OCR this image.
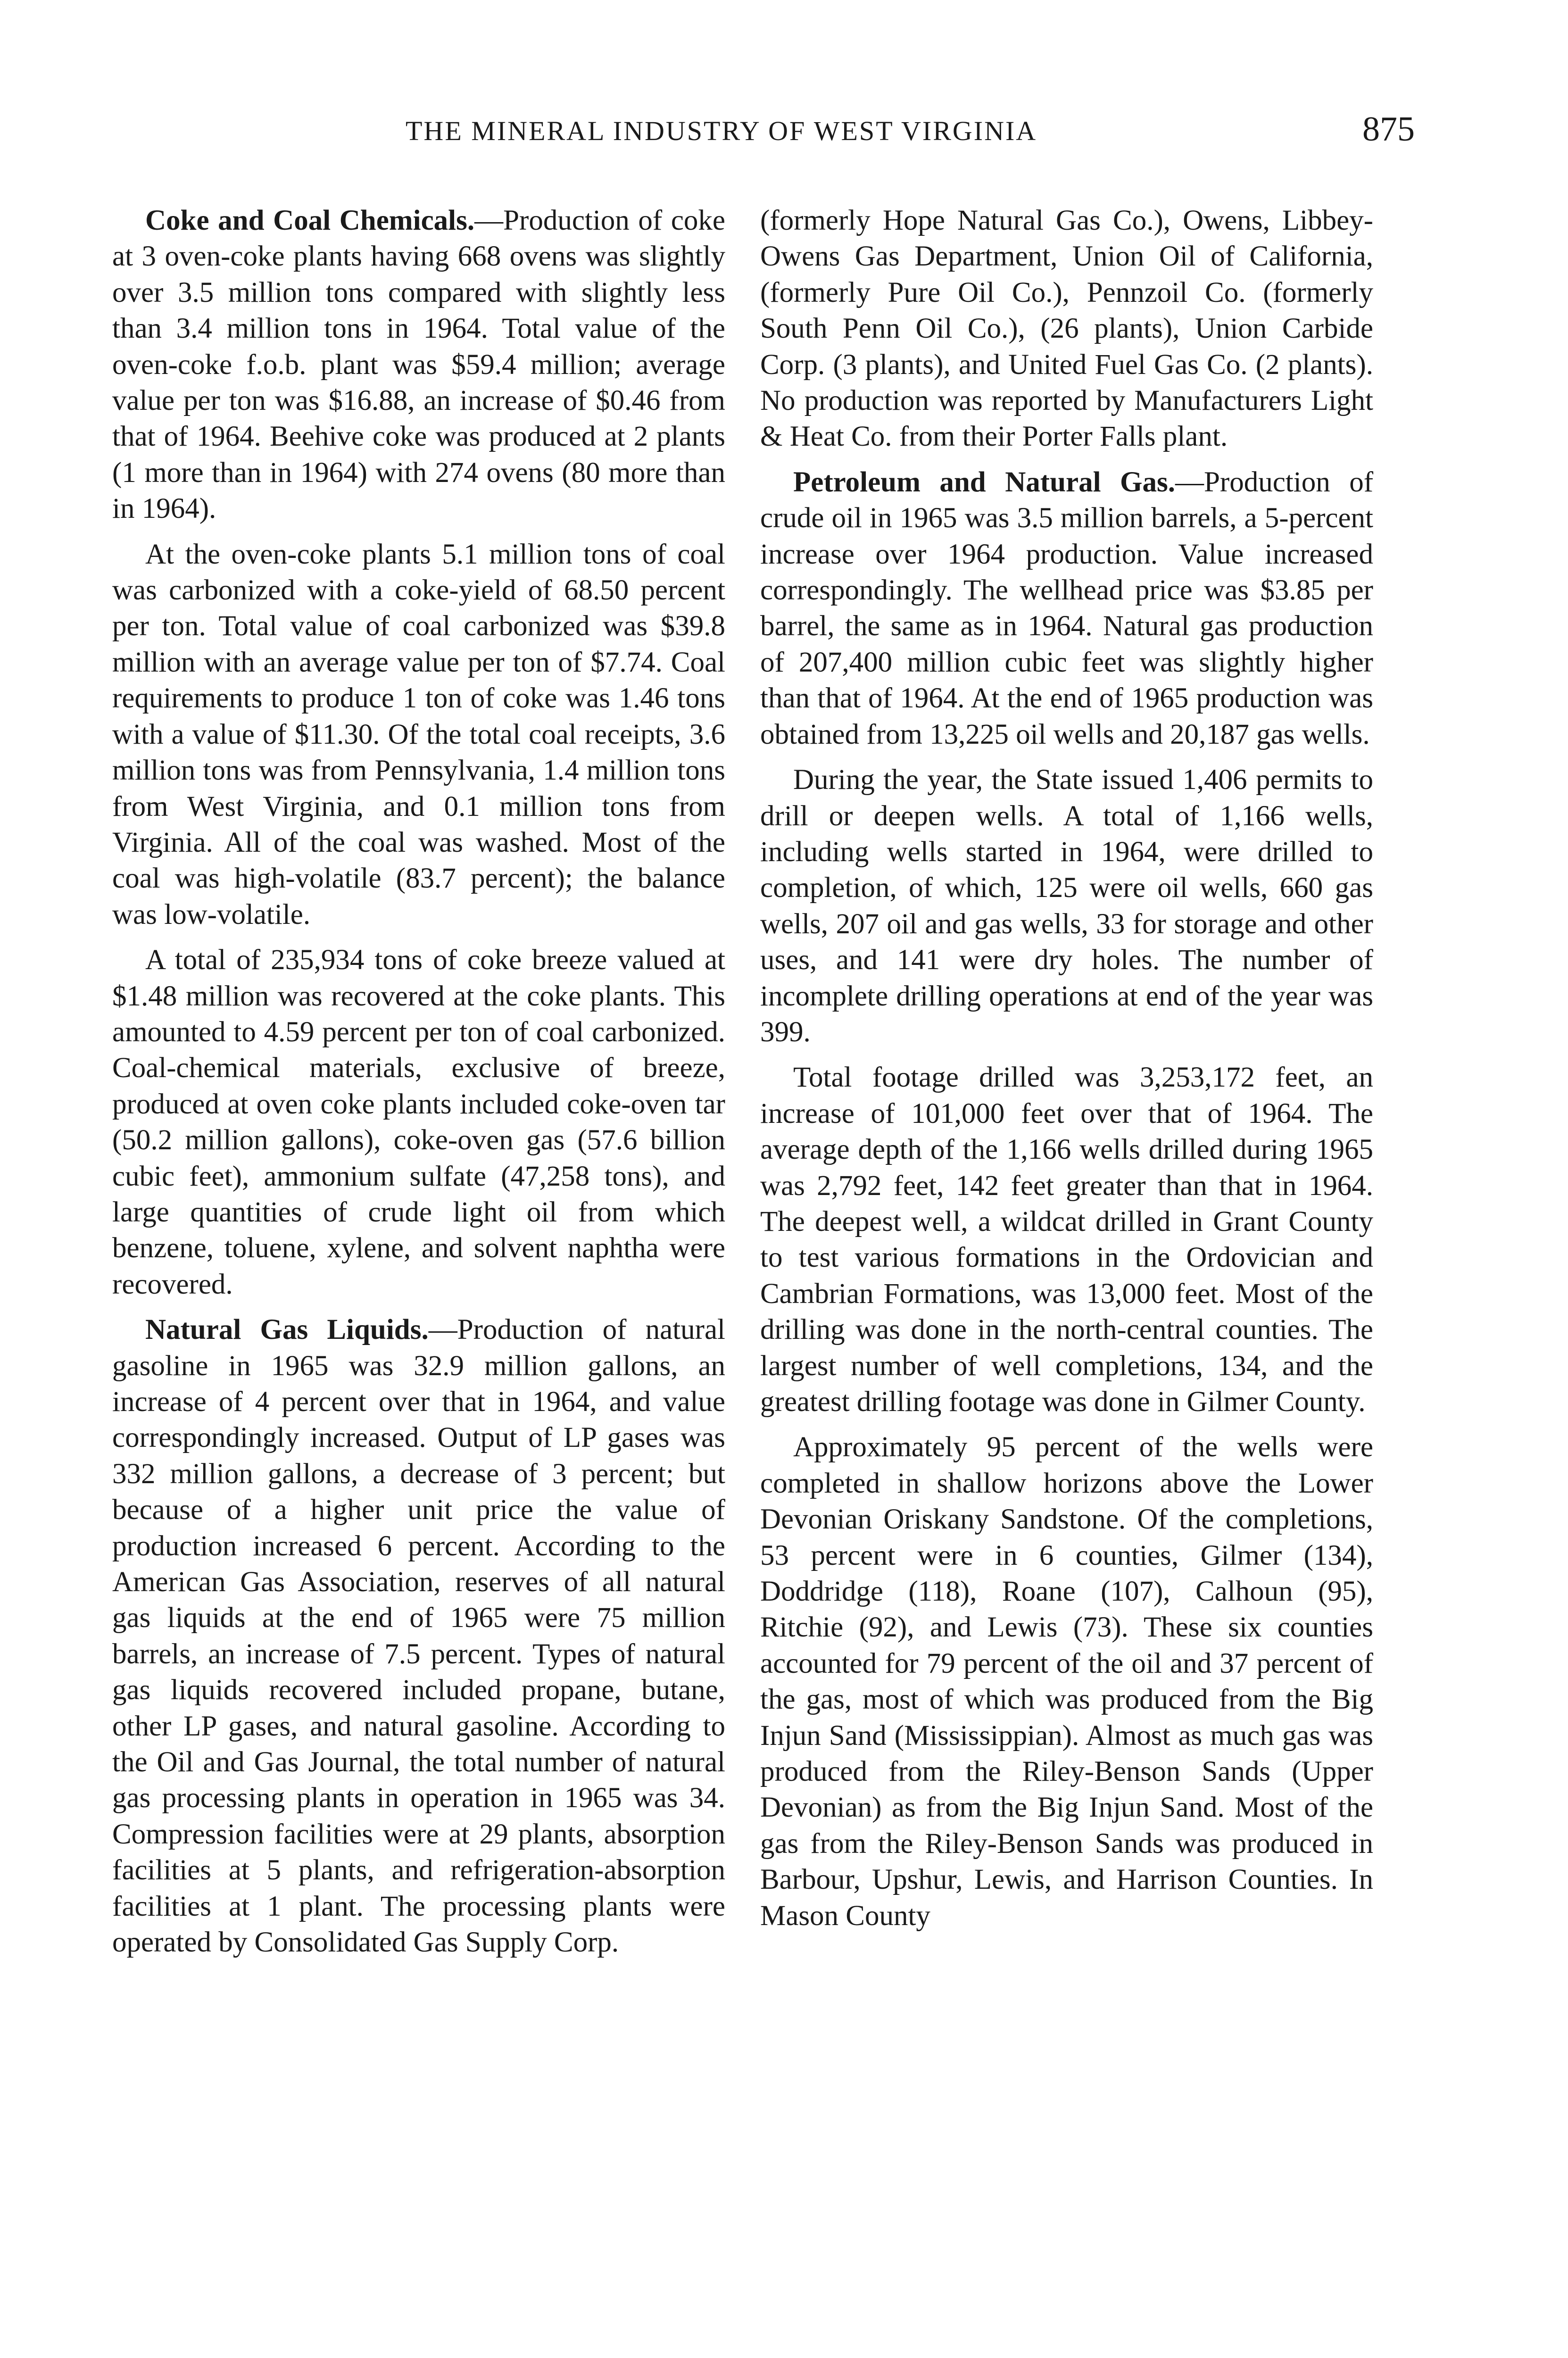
THE MINERAL INDUSTRY OF WEST VIRGINIA	875

Coke and Coal Chemicals.—Production of coke at 3 oven-coke plants having 668 ovens was slightly over 3.5 million tons compared with slightly less than 3.4 million tons in 1964. Total value of the oven-coke f.o.b. plant was $59.4 million; average value per ton was $16.88, an increase of $0.46 from that of 1964. Beehive coke was produced at 2 plants (1 more than in 1964) with 274 ovens (80 more than in 1964).

At the oven-coke plants 5.1 million tons of coal was carbonized with a coke-yield of 68.50 percent per ton. Total value of coal carbonized was $39.8 million with an average value per ton of $7.74. Coal requirements to produce 1 ton of coke was 1.46 tons with a value of $11.30. Of the total coal receipts, 3.6 million tons was from Pennsylvania, 1.4 million tons from West Virginia, and 0.1 million tons from Virginia. All of the coal was washed. Most of the coal was high-volatile (83.7 percent); the balance was low-volatile.

A total of 235,934 tons of coke breeze valued at $1.48 million was recovered at the coke plants. This amounted to 4.59 percent per ton of coal carbonized. Coal-chemical materials, exclusive of breeze, produced at oven coke plants included coke-oven tar (50.2 million gallons), coke-oven gas (57.6 billion cubic feet), ammonium sulfate (47,258 tons), and large quantities of crude light oil from which benzene, toluene, xylene, and solvent naphtha were recovered.

Natural Gas Liquids.—Production of natural gasoline in 1965 was 32.9 million gallons, an increase of 4 percent over that in 1964, and value correspondingly increased. Output of LP gases was 332 million gallons, a decrease of 3 percent; but because of a higher unit price the value of production increased 6 percent. According to the American Gas Association, reserves of all natural gas liquids at the end of 1965 were 75 million barrels, an increase of 7.5 percent. Types of natural gas liquids recovered included propane, butane, other LP gases, and natural gasoline. According to the Oil and Gas Journal, the total number of natural gas processing plants in operation in 1965 was 34. Compression facilities were at 29 plants, absorption facilities at 5 plants, and refrigeration-absorption facilities at 1 plant. The processing plants were operated by Consolidated Gas Supply Corp.

(formerly Hope Natural Gas Co.), Owens, Libbey-Owens Gas Department, Union Oil of California, (formerly Pure Oil Co.), Pennzoil Co. (formerly South Penn Oil Co.), (26 plants), Union Carbide Corp. (3 plants), and United Fuel Gas Co. (2 plants). No production was reported by Manufacturers Light & Heat Co. from their Porter Falls plant.

Petroleum and Natural Gas.—Production of crude oil in 1965 was 3.5 million barrels, a 5-percent increase over 1964 production. Value increased correspondingly. The wellhead price was $3.85 per barrel, the same as in 1964. Natural gas production of 207,400 million cubic feet was slightly higher than that of 1964. At the end of 1965 production was obtained from 13,225 oil wells and 20,187 gas wells.

During the year, the State issued 1,406 permits to drill or deepen wells. A total of 1,166 wells, including wells started in 1964, were drilled to completion, of which, 125 were oil wells, 660 gas wells, 207 oil and gas wells, 33 for storage and other uses, and 141 were dry holes. The number of incomplete drilling operations at end of the year was 399.

Total footage drilled was 3,253,172 feet, an increase of 101,000 feet over that of 1964. The average depth of the 1,166 wells drilled during 1965 was 2,792 feet, 142 feet greater than that in 1964. The deepest well, a wildcat drilled in Grant County to test various formations in the Ordovician and Cambrian Formations, was 13,000 feet. Most of the drilling was done in the north-central counties. The largest number of well completions, 134, and the greatest drilling footage was done in Gilmer County.

Approximately 95 percent of the wells were completed in shallow horizons above the Lower Devonian Oriskany Sandstone. Of the completions, 53 percent were in 6 counties, Gilmer (134), Doddridge (118), Roane (107), Calhoun (95), Ritchie (92), and Lewis (73). These six counties accounted for 79 percent of the oil and 37 percent of the gas, most of which was produced from the Big Injun Sand (Mississippian). Almost as much gas was produced from the Riley-Benson Sands (Upper Devonian) as from the Big Injun Sand. Most of the gas from the Riley-Benson Sands was produced in Barbour, Upshur, Lewis, and Harrison Counties. In Mason County
